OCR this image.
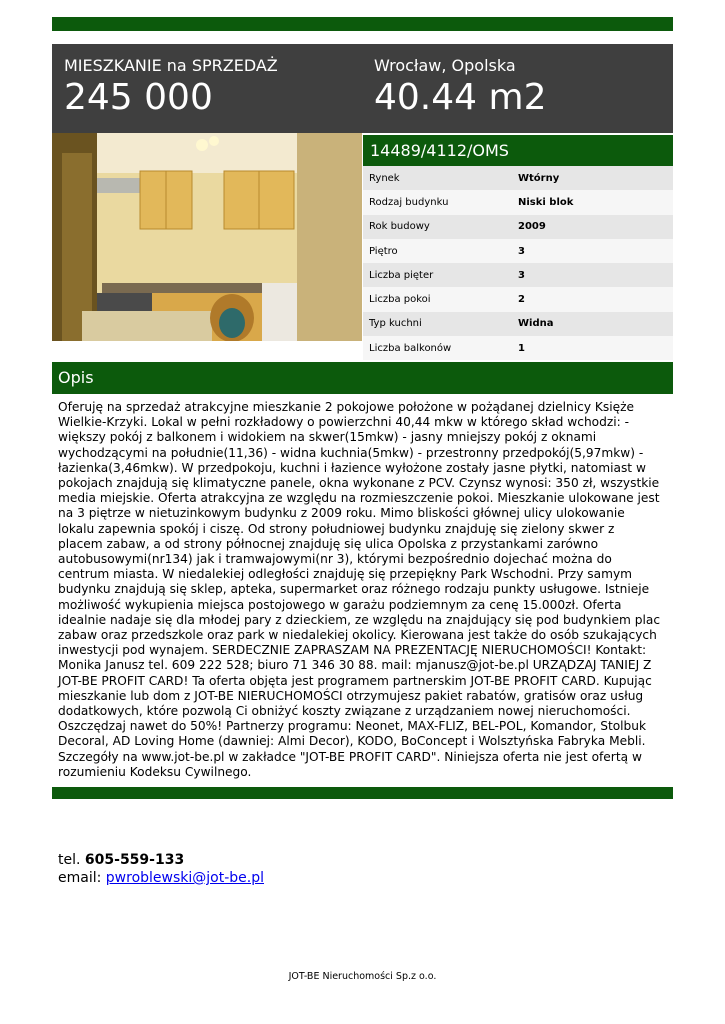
MIESZKANIE na SPRZEDAŻ
245 000
Wrocław, Opolska
40.44 m2
14489/4112/OMS
Rynek	Wtórny
Rodzaj budynku	Niski blok
Rok budowy	2009
Piętro	3
Liczba pięter	3
Liczba pokoi	2
Typ kuchni	Widna
Liczba balkonów	1
Opis
Oferuję na sprzedaż atrakcyjne mieszkanie 2 pokojowe położone w pożądanej dzielnicy Księże Wielkie-Krzyki. Lokal w pełni rozkładowy o powierzchni 40,44 mkw w którego skład wchodzi: - większy pokój z balkonem i widokiem na skwer(15mkw) - jasny mniejszy pokój z oknami wychodzącymi na południe(11,36) - widna kuchnia(5mkw) - przestronny przedpokój(5,97mkw) - łazienka(3,46mkw). W przedpokoju, kuchni i łazience wyłożone zostały jasne płytki, natomiast w pokojach znajdują się klimatyczne panele, okna wykonane z PCV. Czynsz wynosi: 350 zł, wszystkie media miejskie. Oferta atrakcyjna ze względu na rozmieszczenie pokoi. Mieszkanie ulokowane jest na 3 piętrze w nietuzinkowym budynku z 2009 roku. Mimo bliskości głównej ulicy ulokowanie lokalu zapewnia spokój i ciszę. Od strony południowej budynku znajduję się zielony skwer z placem zabaw, a od strony północnej znajduję się ulica Opolska z przystankami zarówno autobusowymi(nr134) jak i tramwajowymi(nr 3), którymi bezpośrednio dojechać można do centrum miasta. W niedalekiej odległości znajduję się przepiękny Park Wschodni. Przy samym budynku znajdują się sklep, apteka, supermarket oraz różnego rodzaju punkty usługowe. Istnieje możliwość wykupienia miejsca postojowego w garażu podziemnym za cenę 15.000zł. Oferta idealnie nadaje się dla młodej pary z dzieckiem, ze względu na znajdujący się pod budynkiem plac zabaw oraz przedszkole oraz park w niedalekiej okolicy. Kierowana jest także do osób szukających inwestycji pod wynajem. SERDECZNIE ZAPRASZAM NA PREZENTACJĘ NIERUCHOMOŚCI! Kontakt: Monika Janusz tel. 609 222 528; biuro 71 346 30 88. mail: mjanusz@jot-be.pl URZĄDZAJ TANIEJ Z JOT-BE PROFIT CARD! Ta oferta objęta jest programem partnerskim JOT-BE PROFIT CARD. Kupując mieszkanie lub dom z JOT-BE NIERUCHOMOŚCI otrzymujesz pakiet rabatów, gratisów oraz usług dodatkowych, które pozwolą Ci obniżyć koszty związane z urządzaniem nowej nieruchomości. Oszczędzaj nawet do 50%! Partnerzy programu: Neonet, MAX-FLIZ, BEL-POL, Komandor, Stolbuk Decoral, AD Loving Home (dawniej: Almi Decor), KODO, BoConcept i Wolsztyńska Fabryka Mebli. Szczegóły na www.jot-be.pl w zakładce "JOT-BE PROFIT CARD". Niniejsza oferta nie jest ofertą w rozumieniu Kodeksu Cywilnego.
tel. 605-559-133
email: pwroblewski@jot-be.pl
JOT-BE Nieruchomości Sp.z o.o.
